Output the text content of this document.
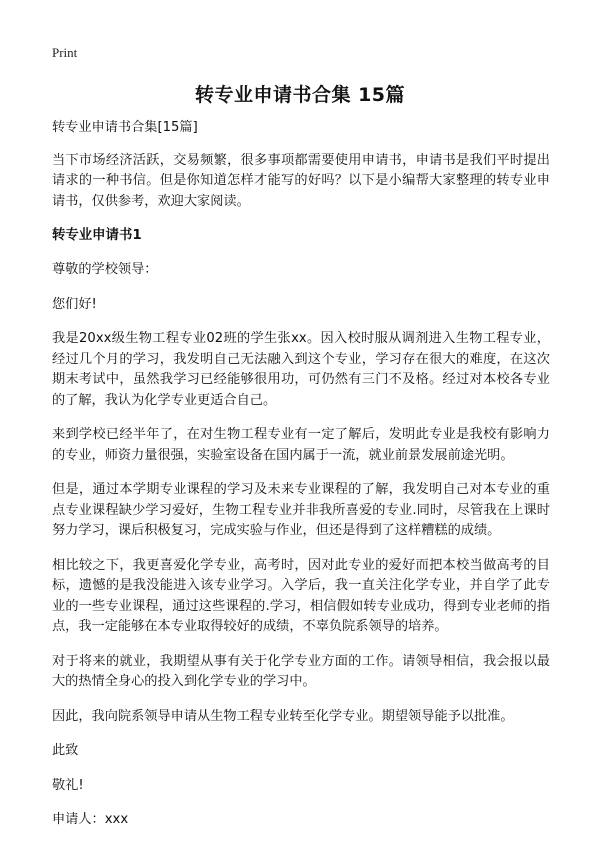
Print
转专业申请书合集 15篇

转专业申请书合集[15篇]

当下市场经济活跃，交易频繁，很多事项都需要使用申请书，申请书是我们平时提出请求的一种书信。但是你知道怎样才能写的好吗？以下是小编帮大家整理的转专业申请书，仅供参考，欢迎大家阅读。

转专业申请书1

尊敬的学校领导：

您们好!

我是20xx级生物工程专业02班的学生张xx。因入校时服从调剂进入生物工程专业，经过几个月的学习，我发明自己无法融入到这个专业，学习存在很大的难度，在这次期末考试中，虽然我学习已经能够很用功，可仍然有三门不及格。经过对本校各专业的了解，我认为化学专业更适合自己。

来到学校已经半年了，在对生物工程专业有一定了解后，发明此专业是我校有影响力的专业，师资力量很强，实验室设备在国内属于一流，就业前景发展前途光明。

但是，通过本学期专业课程的学习及未来专业课程的了解，我发明自己对本专业的重点专业课程缺少学习爱好，生物工程专业并非我所喜爱的专业.同时，尽管我在上课时努力学习，课后积极复习，完成实验与作业，但还是得到了这样糟糕的成绩。

相比较之下，我更喜爱化学专业，高考时，因对此专业的爱好而把本校当做高考的目标，遗憾的是我没能进入该专业学习。入学后，我一直关注化学专业，并自学了此专业的一些专业课程，通过这些课程的.学习，相信假如转专业成功，得到专业老师的指点，我一定能够在本专业取得较好的成绩，不辜负院系领导的培养。

对于将来的就业，我期望从事有关于化学专业方面的工作。请领导相信，我会报以最大的热情全身心的投入到化学专业的学习中。

因此，我向院系领导申请从生物工程专业转至化学专业。期望领导能予以批准。

此致

敬礼!

申请人：xxx
